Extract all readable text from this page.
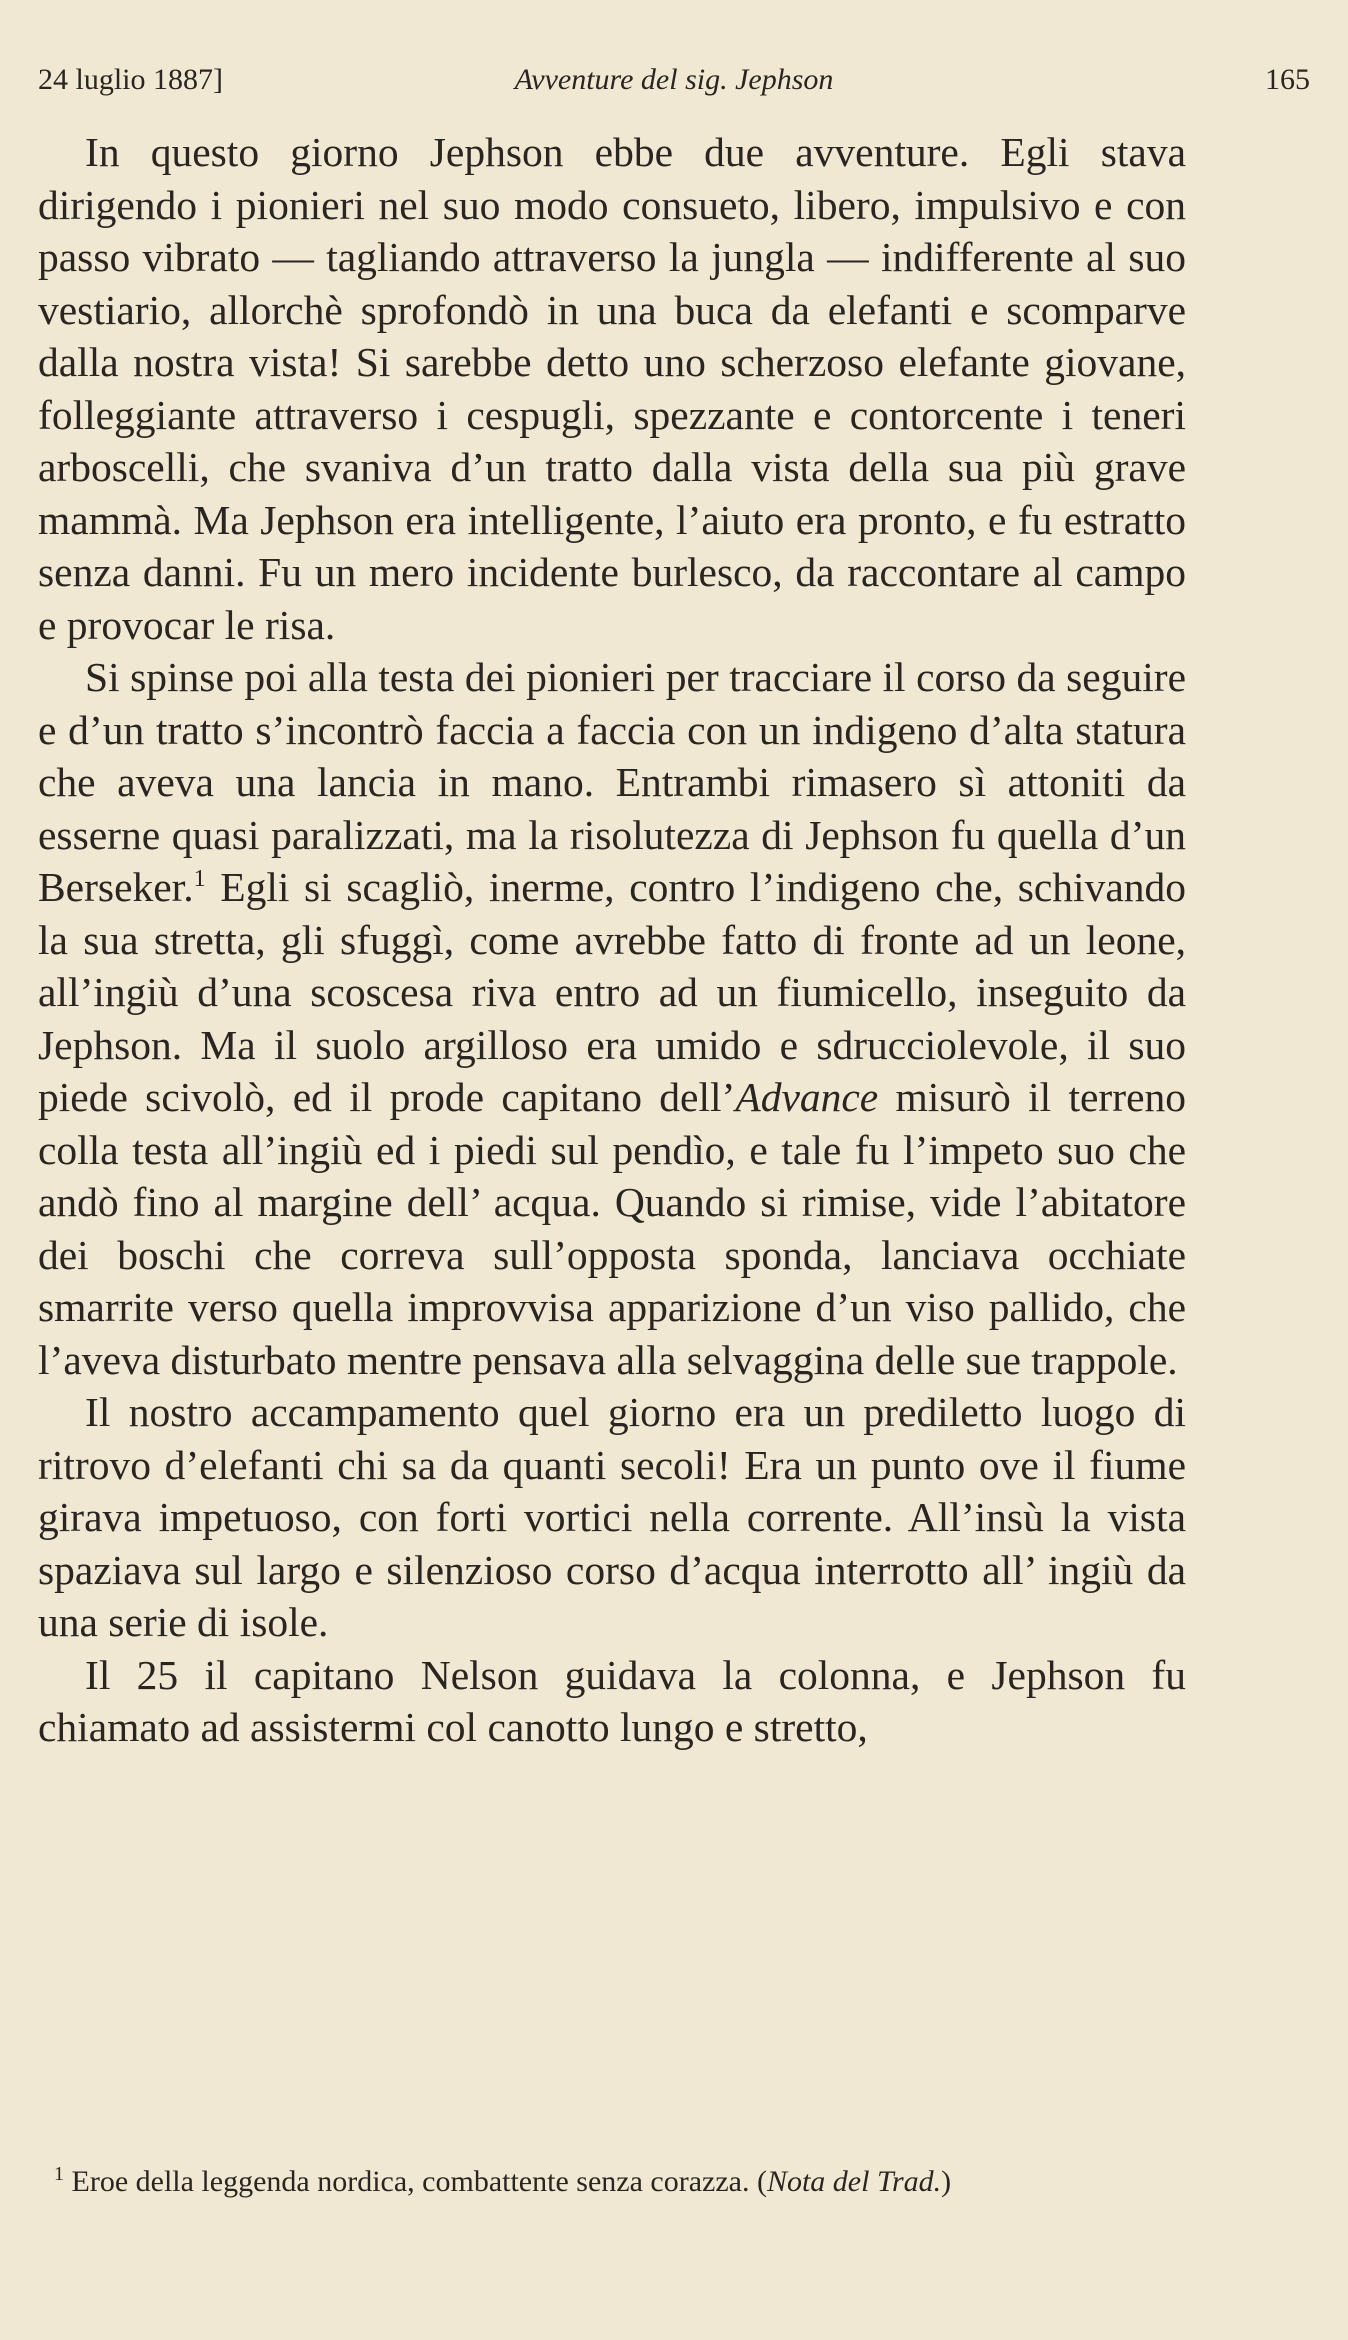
24 luglio 1887]	Avventure del sig. Jephson	165

In questo giorno Jephson ebbe due avventure. Egli stava dirigendo i pionieri nel suo modo consueto, libero, impulsivo e con passo vibrato — tagliando attraverso la jungla — indifferente al suo vestiario, allorchè sprofondò in una buca da elefanti e scomparve dalla nostra vista! Si sarebbe detto uno scherzoso elefante giovane, folleggiante attraverso i cespugli, spezzante e contorcente i teneri arboscelli, che svaniva d’un tratto dalla vista della sua più grave mammà. Ma Jephson era intelligente, l’aiuto era pronto, e fu estratto senza danni. Fu un mero incidente burlesco, da raccontare al campo e provocar le risa.

Si spinse poi alla testa dei pionieri per tracciare il corso da seguire e d’un tratto s’incontrò faccia a faccia con un indigeno d’alta statura che aveva una lancia in mano. Entrambi rimasero sì attoniti da esserne quasi paralizzati, ma la risolutezza di Jephson fu quella d’un Berseker.$^1$ Egli si scagliò, inerme, contro l’indigeno che, schivando la sua stretta, gli sfuggì, come avrebbe fatto di fronte ad un leone, all’ingiù d’una scoscesa riva entro ad un fiumicello, inseguito da Jephson. Ma il suolo argilloso era umido e sdrucciolevole, il suo piede scivolò, ed il prode capitano dell’Advance misurò il terreno colla testa all’ingiù ed i piedi sul pendìo, e tale fu l’impeto suo che andò fino al margine dell’ acqua. Quando si rimise, vide l’abitatore dei boschi che correva sull’opposta sponda, lanciava occhiate smarrite verso quella improvvisa apparizione d’un viso pallido, che l’aveva disturbato mentre pensava alla selvaggina delle sue trappole.

Il nostro accampamento quel giorno era un prediletto luogo di ritrovo d’elefanti chi sa da quanti secoli! Era un punto ove il fiume girava impetuoso, con forti vortici nella corrente. All’insù la vista spaziava sul largo e silenzioso corso d’acqua interrotto all’ ingiù da una serie di isole.

Il 25 il capitano Nelson guidava la colonna, e Jephson fu chiamato ad assistermi col canotto lungo e stretto,

$^1$ Eroe della leggenda nordica, combattente senza corazza. (Nota del Trad.)
